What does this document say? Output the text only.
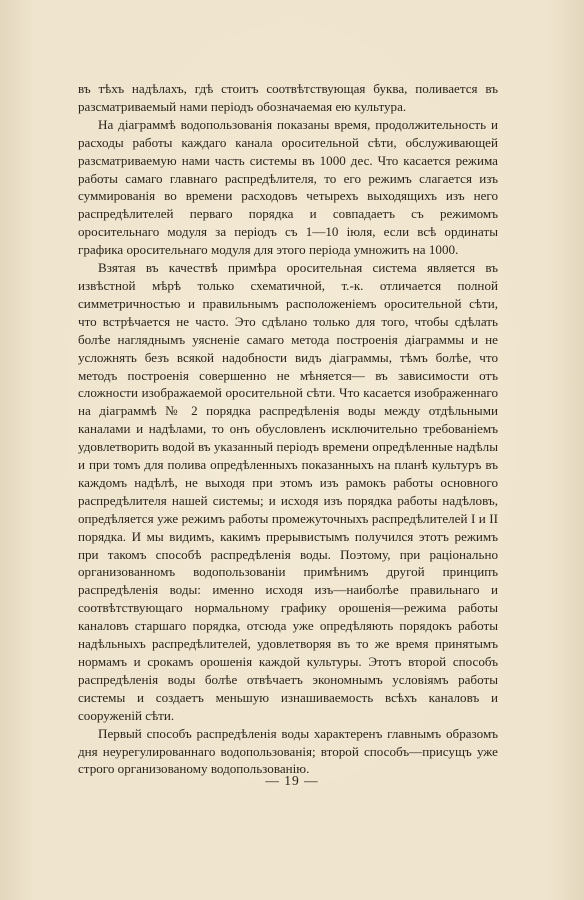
въ тѣхъ надѣлахъ, гдѣ стоитъ соотвѣтствующая буква, поливается въ разсматриваемый нами періодъ обозначаемая ею культура.

На діаграммѣ водопользованія показаны время, продолжительность и расходы работы каждаго канала оросительной сѣти, обслуживающей разсматриваемую нами часть системы въ 1000 дес. Что касается режима работы самаго главнаго распредѣлителя, то его режимъ слагается изъ суммированія во времени расходовъ четырехъ выходящихъ изъ него распредѣлителей перваго порядка и совпадаетъ съ режимомъ оросительнаго модуля за періодъ съ 1—10 іюля, если всѣ ординаты графика оросительнаго модуля для этого періода умножить на 1000.

Взятая въ качествѣ примѣра оросительная система является въ извѣстной мѣрѣ только схематичной, т.-к. отличается полной симметричностью и правильнымъ расположеніемъ оросительной сѣти, что встрѣчается не часто. Это сдѣлано только для того, чтобы сдѣлать болѣе нагляднымъ уясненіе самаго метода построенія діаграммы и не усложнять безъ всякой надобности видъ діаграммы, тѣмъ болѣе, что методъ построенія совершенно не мѣняется— въ зависимости отъ сложности изображаемой оросительной сѣти. Что касается изображеннаго на діаграммѣ № 2 порядка распредѣленія воды между отдѣльными каналами и надѣлами, то онъ обусловленъ исключительно требованіемъ удовлетворить водой въ указанный періодъ времени опредѣленные надѣлы и при томъ для полива опредѣленныхъ показанныхъ на планѣ культуръ въ каждомъ надѣлѣ, не выходя при этомъ изъ рамокъ работы основного распредѣлителя нашей системы; и исходя изъ порядка работы надѣловъ, опредѣляется уже режимъ работы промежуточныхъ распредѣлителей I и II порядка. И мы видимъ, какимъ прерывистымъ получился этотъ режимъ при такомъ способѣ распредѣленія воды. Поэтому, при раціонально организованномъ водопользованіи примѣнимъ другой принципъ распредѣленія воды: именно исходя изъ—наиболѣе правильнаго и соотвѣтствующаго нормальному графику орошенія—режима работы каналовъ старшаго порядка, отсюда уже опредѣляють порядокъ работы надѣльныхъ распредѣлителей, удовлетворяя въ то же время принятымъ нормамъ и срокамъ орошенія каждой культуры. Этотъ второй способъ распредѣленія воды болѣе отвѣчаетъ экономнымъ условіямъ работы системы и создаетъ меньшую изнашиваемость всѣхъ каналовъ и сооруженій сѣти.

Первый способъ распредѣленія воды характеренъ главнымъ образомъ дня неурегулированнаго водопользованія; второй способъ—присущъ уже строго организованому водопользованію.

— 19 —
